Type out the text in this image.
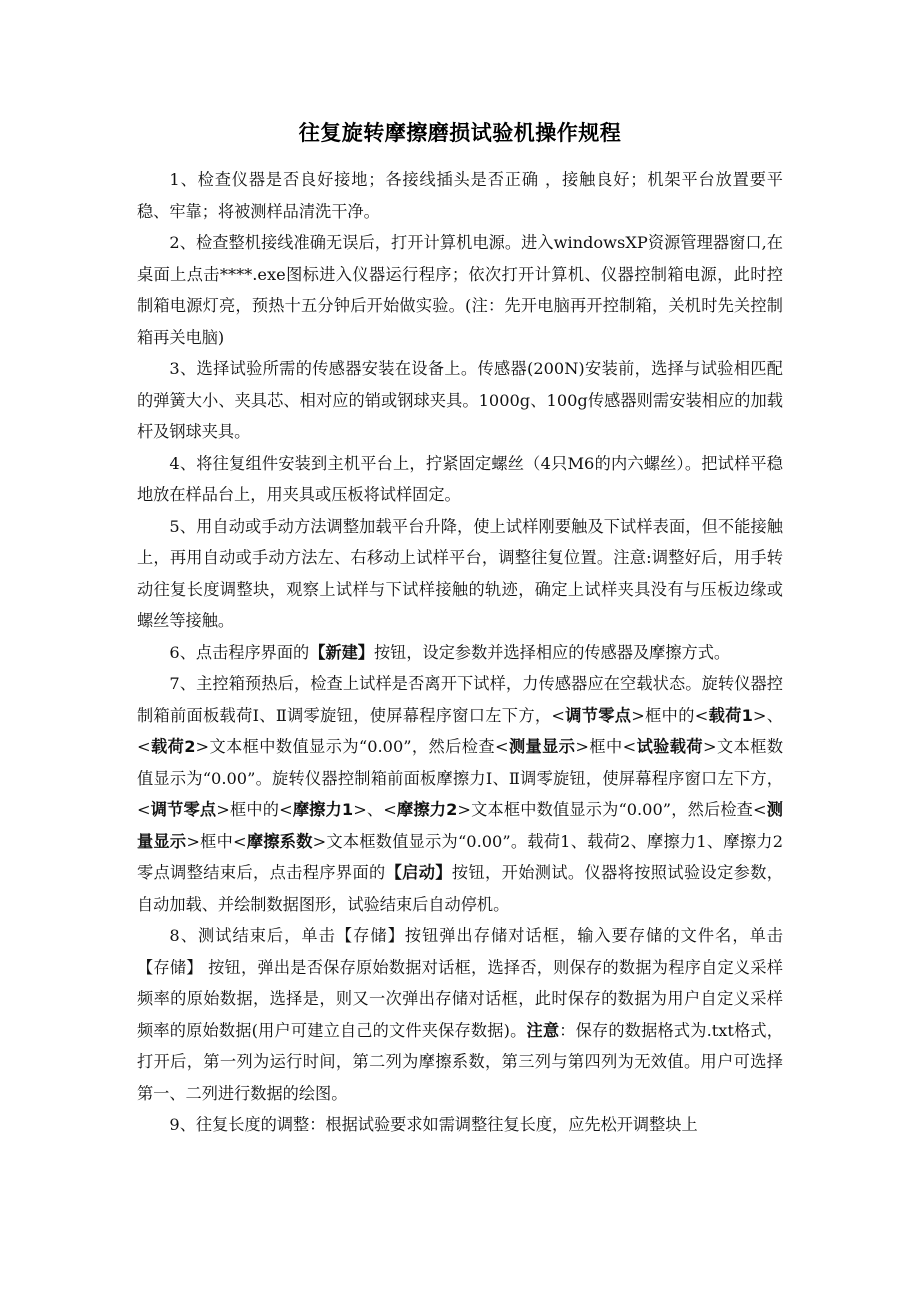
往复旋转摩擦磨损试验机操作规程

1、检查仪器是否良好接地；各接线插头是否正确 ，接触良好；机架平台放置要平稳、牢靠；将被测样品清洗干净。

2、检查整机接线准确无误后，打开计算机电源。进入windowsXP资源管理器窗口,在桌面上点击****.exe图标进入仪器运行程序；依次打开计算机、仪器控制箱电源，此时控制箱电源灯亮，预热十五分钟后开始做实验。(注：先开电脑再开控制箱，关机时先关控制箱再关电脑)

3、选择试验所需的传感器安装在设备上。传感器(200N)安装前，选择与试验相匹配的弹簧大小、夹具芯、相对应的销或钢球夹具。1000g、100g传感器则需安装相应的加载杆及钢球夹具。

4、将往复组件安装到主机平台上，拧紧固定螺丝（4只M6的内六螺丝）。把试样平稳地放在样品台上，用夹具或压板将试样固定。

5、用自动或手动方法调整加载平台升降，使上试样刚要触及下试样表面，但不能接触上，再用自动或手动方法左、右移动上试样平台，调整往复位置。注意:调整好后，用手转动往复长度调整块，观察上试样与下试样接触的轨迹，确定上试样夹具没有与压板边缘或螺丝等接触。

6、点击程序界面的【新建】按钮，设定参数并选择相应的传感器及摩擦方式。

7、主控箱预热后，检查上试样是否离开下试样，力传感器应在空载状态。旋转仪器控制箱前面板载荷Ⅰ、Ⅱ调零旋钮，使屏幕程序窗口左下方，<调节零点>框中的<载荷1>、<载荷2>文本框中数值显示为“0.00”，然后检查<测量显示>框中<试验载荷>文本框数值显示为“0.00”。旋转仪器控制箱前面板摩擦力Ⅰ、Ⅱ调零旋钮，使屏幕程序窗口左下方，<调节零点>框中的<摩擦力1>、<摩擦力2>文本框中数值显示为“0.00”，然后检查<测量显示>框中<摩擦系数>文本框数值显示为“0.00”。载荷1、载荷2、摩擦力1、摩擦力2零点调整结束后，点击程序界面的【启动】按钮，开始测试。仪器将按照试验设定参数，自动加载、并绘制数据图形，试验结束后自动停机。

8、测试结束后，单击【存储】按钮弹出存储对话框，输入要存储的文件名，单击 【存储】 按钮，弹出是否保存原始数据对话框，选择否，则保存的数据为程序自定义采样频率的原始数据，选择是，则又一次弹出存储对话框，此时保存的数据为用户自定义采样频率的原始数据(用户可建立自己的文件夹保存数据)。注意：保存的数据格式为.txt格式，打开后，第一列为运行时间，第二列为摩擦系数，第三列与第四列为无效值。用户可选择第一、二列进行数据的绘图。

9、往复长度的调整：根据试验要求如需调整往复长度，应先松开调整块上
